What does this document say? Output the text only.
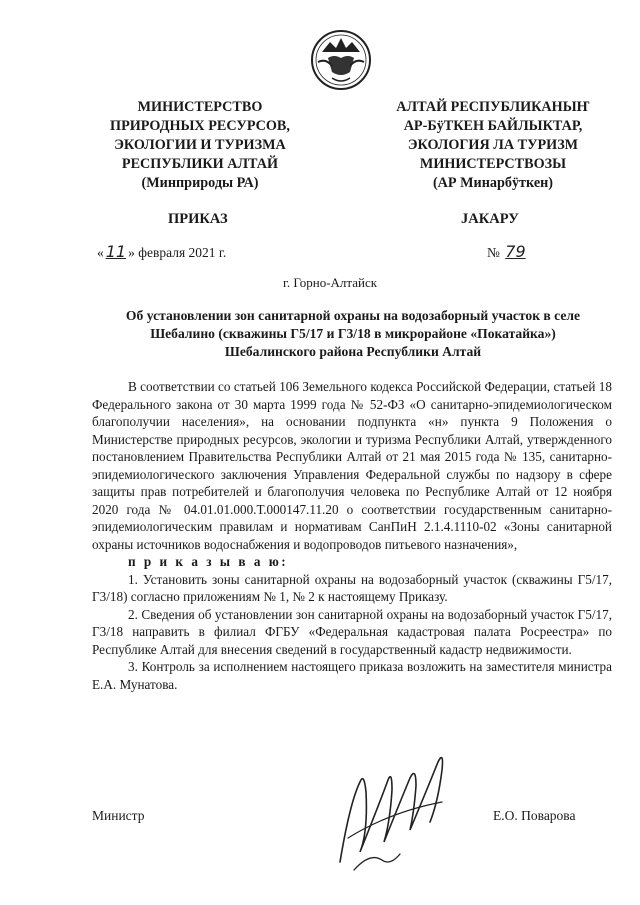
МИНИСТЕРСТВО
ПРИРОДНЫХ РЕСУРСОВ,
ЭКОЛОГИИ И ТУРИЗМА
РЕСПУБЛИКИ АЛТАЙ
(Минприроды РА)
АЛТАЙ РЕСПУБЛИКАНЫҤ
АР-БÿТКЕН БАЙЛЫКТАР,
ЭКОЛОГИЯ ЛА ТУРИЗМ
МИНИСТЕРСТВОЗЫ
(АР Минарбÿткен)
ПРИКАЗ	JАКАРУ
« 11 » февраля 2021 г.	№ 79
г. Горно-Алтайск
Об установлении зон санитарной охраны на водозаборный участок в селе
Шебалино (скважины Г5/17 и Г3/18 в микрорайоне «Покатайка»)
Шебалинского района Республики Алтай

В соответствии со статьей 106 Земельного кодекса Российской Федерации, статьей 18 Федерального закона от 30 марта 1999 года № 52-ФЗ «О санитарно-эпидемиологическом благополучии населения», на основании подпункта «н» пункта 9 Положения о Министерстве природных ресурсов, экологии и туризма Республики Алтай, утвержденного постановлением Правительства Республики Алтай от 21 мая 2015 года № 135, санитарно-эпидемиологического заключения Управления Федеральной службы по надзору в сфере защиты прав потребителей и благополучия человека по Республике Алтай от 12 ноября 2020 года № 04.01.01.000.Т.000147.11.20 о соответствии государственным санитарно-эпидемиологическим правилам и нормативам СанПиН 2.1.4.1110-02 «Зоны санитарной охраны источников водоснабжения и водопроводов питьевого назначения»,

п р и к а з ы в а ю:

1. Установить зоны санитарной охраны на водозаборный участок (скважины Г5/17, Г3/18) согласно приложениям № 1, № 2 к настоящему Приказу.

2. Сведения об установлении зон санитарной охраны на водозаборный участок Г5/17, Г3/18 направить в филиал ФГБУ «Федеральная кадастровая палата Росреестра» по Республике Алтай для внесения сведений в государственный кадастр недвижимости.

3. Контроль за исполнением настоящего приказа возложить на заместителя министра Е.А. Мунатова.

Министр	Е.О. Поварова
